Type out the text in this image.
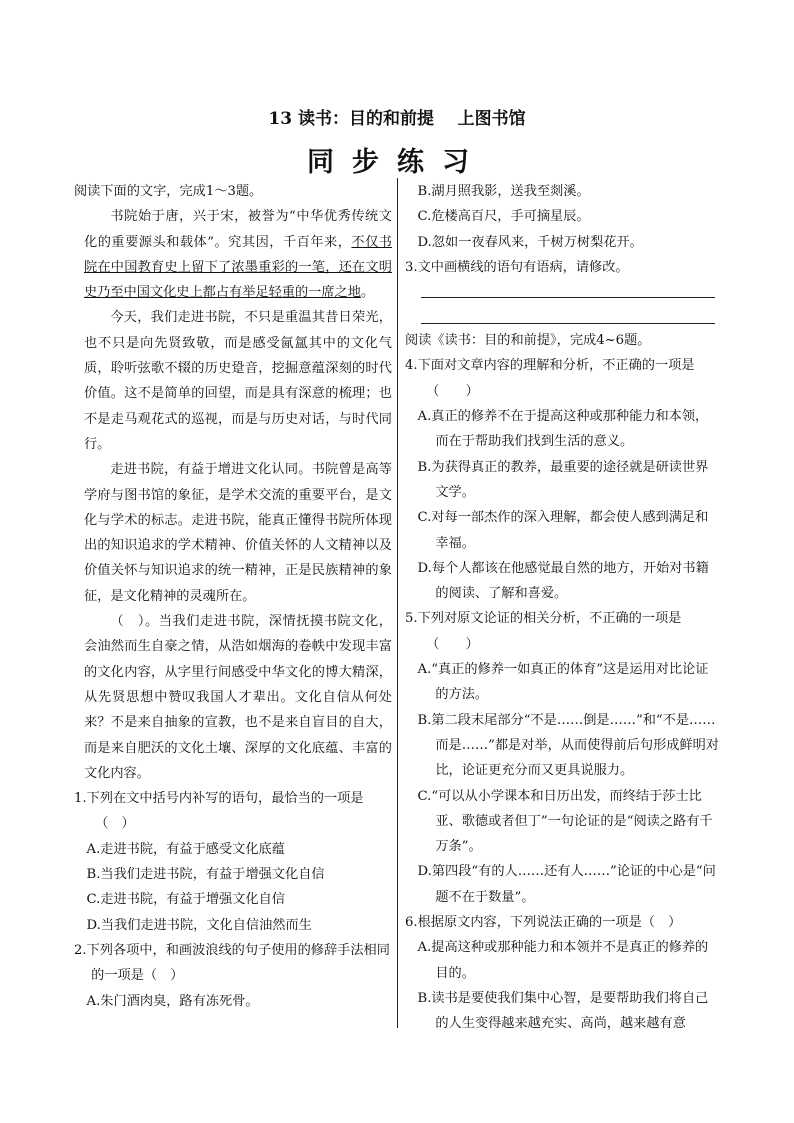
13 读书：目的和前提    上图书馆
同步练习

阅读下面的文字，完成1～3题。

书院始于唐，兴于宋，被誉为“中华优秀传统文化的重要源头和载体”。究其因，千百年来，不仅书院在中国教育史上留下了浓墨重彩的一笔，还在文明史乃至中国文化史上都占有举足轻重的一席之地。

今天，我们走进书院，不只是重温其昔日荣光，也不只是向先贤致敬，而是感受氤氲其中的文化气质，聆听弦歌不辍的历史跫音，挖掘意蕴深刻的时代价值。这不是简单的回望，而是具有深意的梳理；也不是走马观花式的巡视，而是与历史对话，与时代同行。

走进书院，有益于增进文化认同。书院曾是高等学府与图书馆的象征，是学术交流的重要平台，是文化与学术的标志。走进书院，能真正懂得书院所体现出的知识追求的学术精神、价值关怀的人文精神以及价值关怀与知识追求的统一精神，正是民族精神的象征，是文化精神的灵魂所在。

（　）。当我们走进书院，深情抚摸书院文化，会油然而生自豪之情，从浩如烟海的卷帙中发现丰富的文化内容，从字里行间感受中华文化的博大精深，从先贤思想中赞叹我国人才辈出。文化自信从何处来？不是来自抽象的宣教，也不是来自盲目的自大，而是来自肥沃的文化土壤、深厚的文化底蕴、丰富的文化内容。

1.下列在文中括号内补写的语句，最恰当的一项是

（　）

A.走进书院，有益于感受文化底蕴

B.当我们走进书院，有益于增强文化自信

C.走进书院，有益于增强文化自信

D.当我们走进书院，文化自信油然而生

2.下列各项中，和画波浪线的句子使用的修辞手法相同的一项是（　）

A.朱门酒肉臭，路有冻死骨。

B.湖月照我影，送我至剡溪。

C.危楼高百尺，手可摘星辰。

D.忽如一夜春风来，千树万树梨花开。

3.文中画横线的语句有语病，请修改。

阅读《读书：目的和前提》，完成4~6题。

4.下面对文章内容的理解和分析，不正确的一项是

（　　）

A.真正的修养不在于提高这种或那种能力和本领，而在于帮助我们找到生活的意义。

B.为获得真正的教养，最重要的途径就是研读世界文学。

C.对每一部杰作的深入理解，都会使人感到满足和幸福。

D.每个人都该在他感觉最自然的地方，开始对书籍的阅读、了解和喜爱。

5.下列对原文论证的相关分析，不正确的一项是

（　　）

A.“真正的修养一如真正的体育”这是运用对比论证的方法。

B.第二段末尾部分“不是……倒是……”和“不是……而是……”都是对举，从而使得前后句形成鲜明对比，论证更充分而又更具说服力。

C.“可以从小学课本和日历出发，而终结于莎士比亚、歌德或者但丁”一句论证的是“阅读之路有千万条”。

D.第四段“有的人……还有人……”论证的中心是“问题不在于数量”。

6.根据原文内容，下列说法正确的一项是（　）

A.提高这种或那种能力和本领并不是真正的修养的目的。

B.读书是要使我们集中心智，是要帮助我们将自己的人生变得越来越充实、高尚，越来越有意
